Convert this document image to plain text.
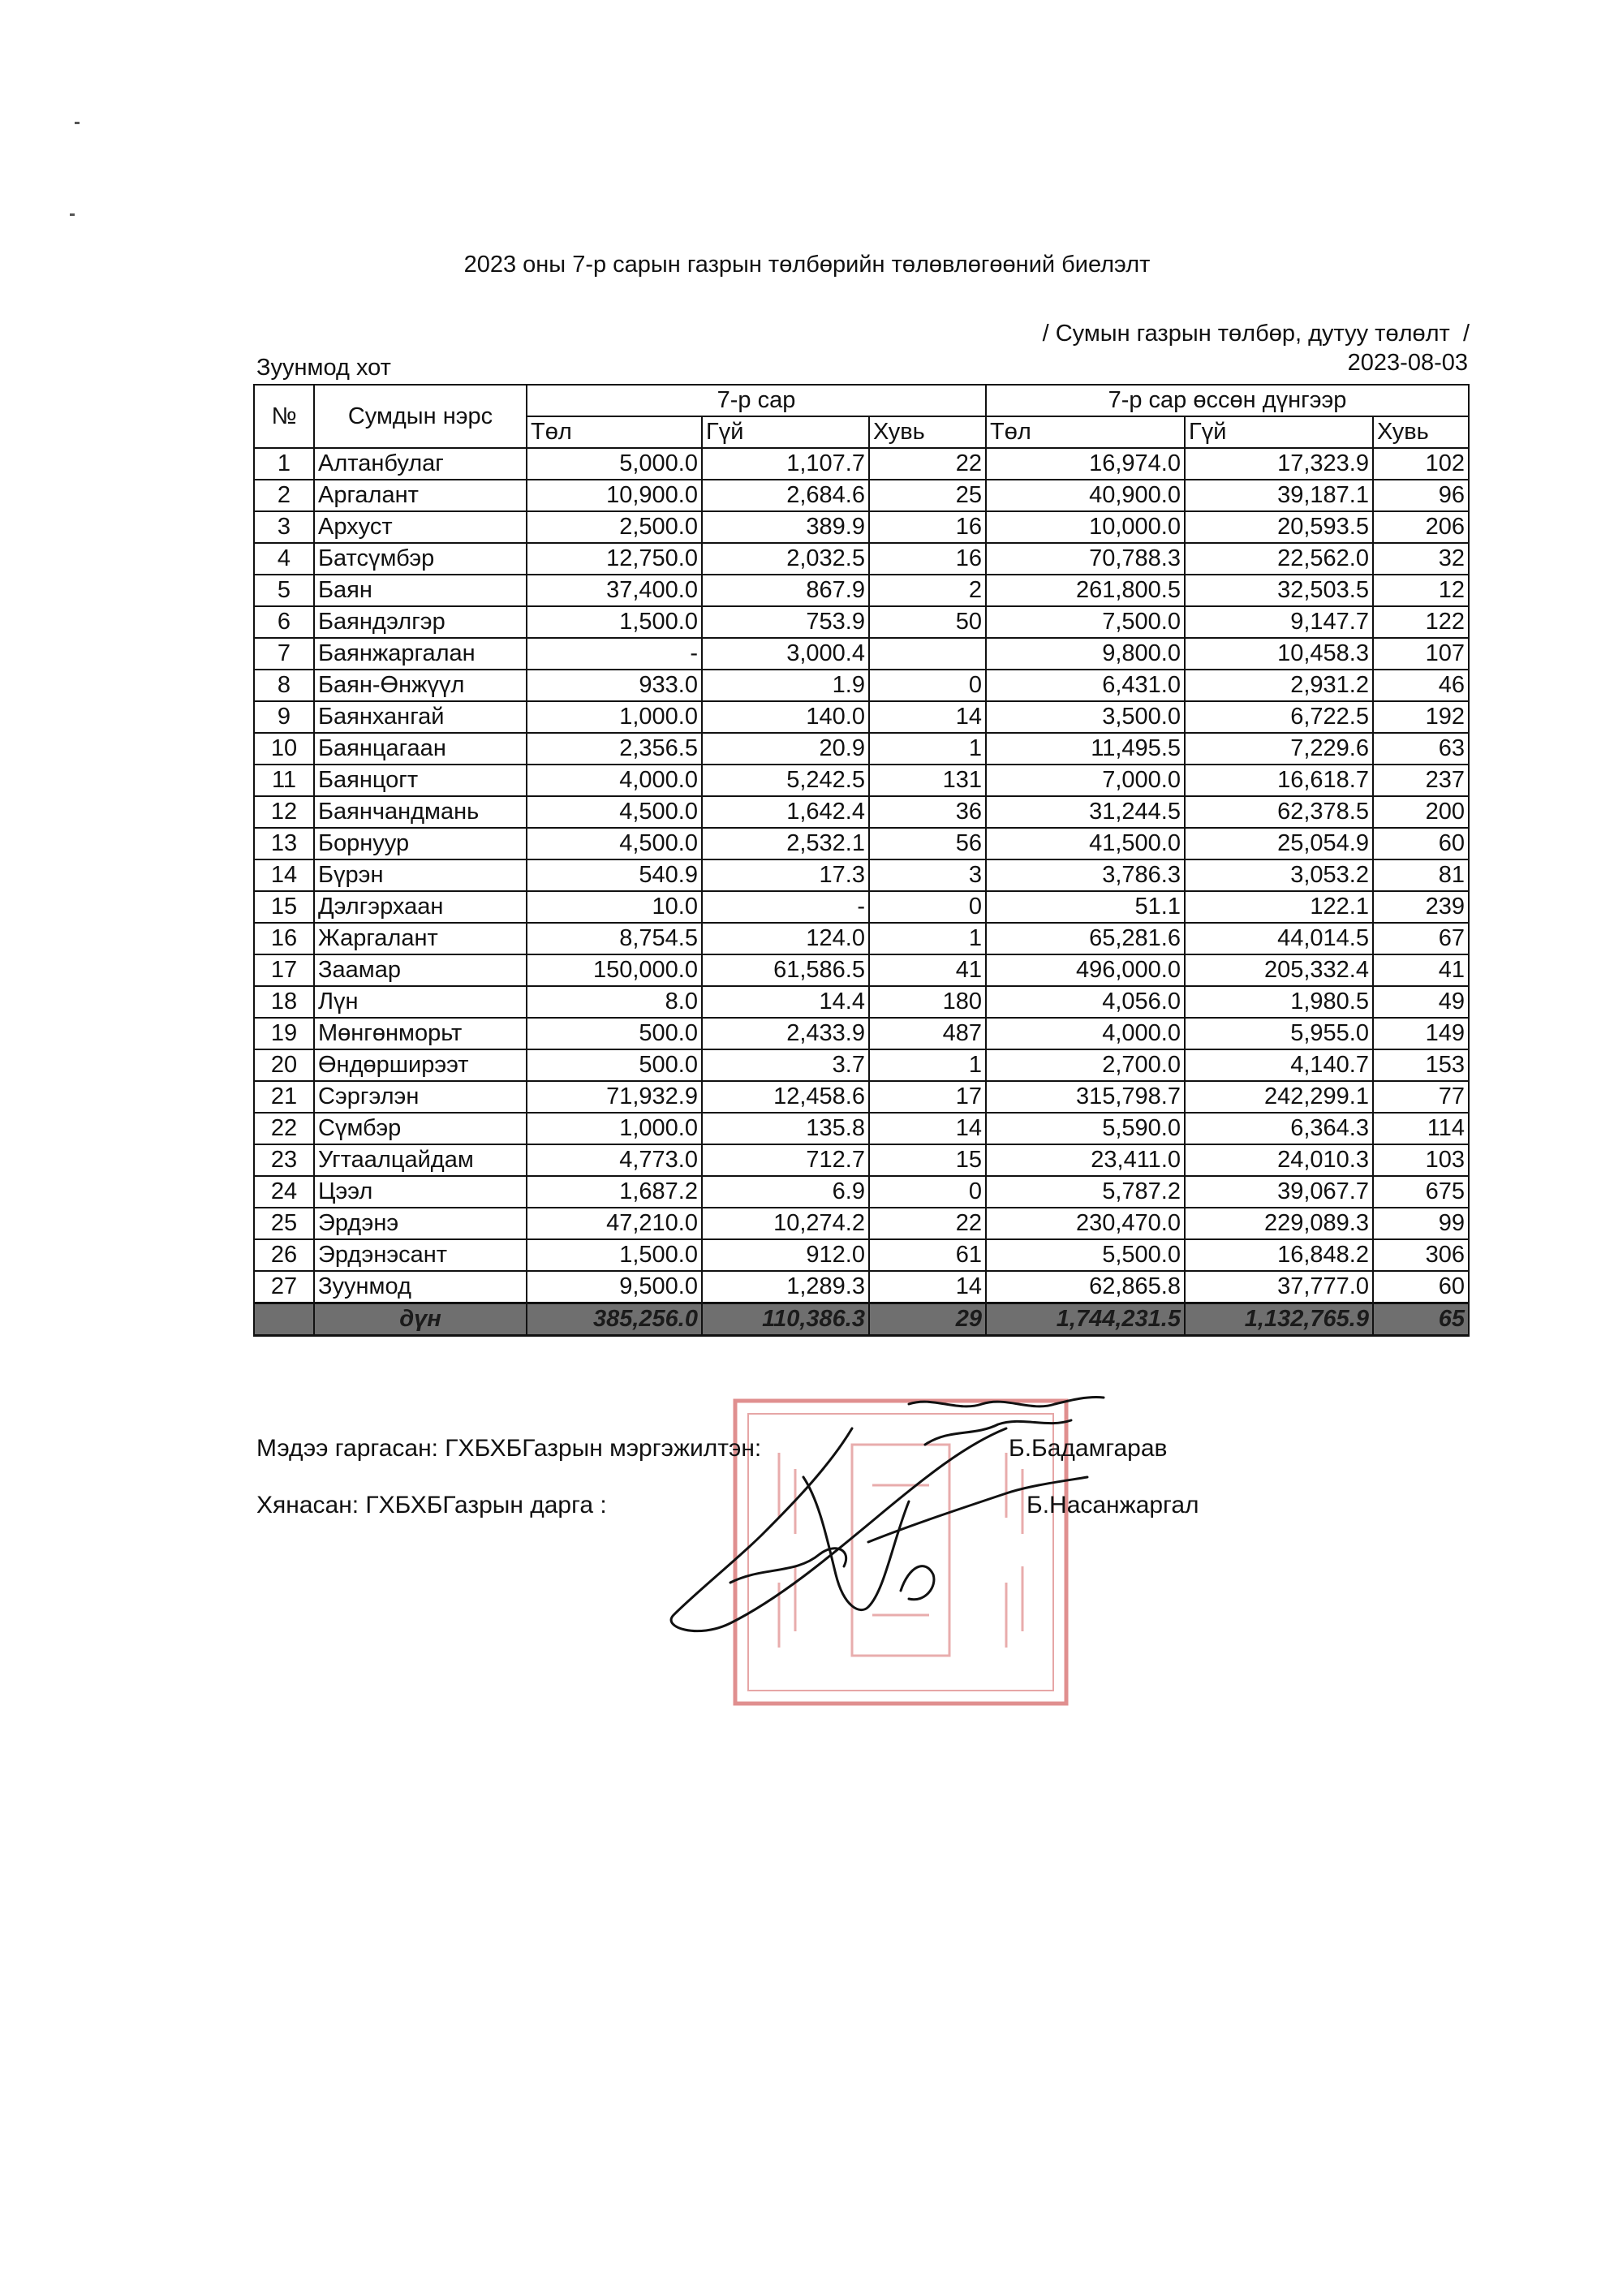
2023 оны 7-р сарын газрын төлбөрийн төлөвлөгөөний биелэлт
/ Сумын газрын төлбөр, дутуу төлөлт  /
Зуунмод хот	2023-08-03
№	Сумдын нэрс	7-р сар			7-р сар өссөн дүнгээр		
		Төл	Гүй	Хувь	Төл	Гүй	Хувь
1	Алтанбулаг	5,000.0	1,107.7	22	16,974.0	17,323.9	102
2	Аргалант	10,900.0	2,684.6	25	40,900.0	39,187.1	96
3	Архуст	2,500.0	389.9	16	10,000.0	20,593.5	206
4	Батсүмбэр	12,750.0	2,032.5	16	70,788.3	22,562.0	32
5	Баян	37,400.0	867.9	2	261,800.5	32,503.5	12
6	Баяндэлгэр	1,500.0	753.9	50	7,500.0	9,147.7	122
7	Баянжаргалан	-	3,000.4		9,800.0	10,458.3	107
8	Баян-Өнжүүл	933.0	1.9	0	6,431.0	2,931.2	46
9	Баянхангай	1,000.0	140.0	14	3,500.0	6,722.5	192
10	Баянцагаан	2,356.5	20.9	1	11,495.5	7,229.6	63
11	Баянцогт	4,000.0	5,242.5	131	7,000.0	16,618.7	237
12	Баянчандмань	4,500.0	1,642.4	36	31,244.5	62,378.5	200
13	Борнуур	4,500.0	2,532.1	56	41,500.0	25,054.9	60
14	Бүрэн	540.9	17.3	3	3,786.3	3,053.2	81
15	Дэлгэрхаан	10.0	-	0	51.1	122.1	239
16	Жаргалант	8,754.5	124.0	1	65,281.6	44,014.5	67
17	Заамар	150,000.0	61,586.5	41	496,000.0	205,332.4	41
18	Лүн	8.0	14.4	180	4,056.0	1,980.5	49
19	Мөнгөнморьт	500.0	2,433.9	487	4,000.0	5,955.0	149
20	Өндөрширээт	500.0	3.7	1	2,700.0	4,140.7	153
21	Сэргэлэн	71,932.9	12,458.6	17	315,798.7	242,299.1	77
22	Сүмбэр	1,000.0	135.8	14	5,590.0	6,364.3	114
23	Угтаалцайдам	4,773.0	712.7	15	23,411.0	24,010.3	103
24	Цээл	1,687.2	6.9	0	5,787.2	39,067.7	675
25	Эрдэнэ	47,210.0	10,274.2	22	230,470.0	229,089.3	99
26	Эрдэнэсант	1,500.0	912.0	61	5,500.0	16,848.2	306
27	Зуунмод	9,500.0	1,289.3	14	62,865.8	37,777.0	60
	дүн	385,256.0	110,386.3	29	1,744,231.5	1,132,765.9	65
Мэдээ гаргасан: ГХБХБГазрын мэргэжилтэн:	Б.Бадамгарав
Хянасан: ГХБХБГазрын дарга :	Б.Насанжаргал
